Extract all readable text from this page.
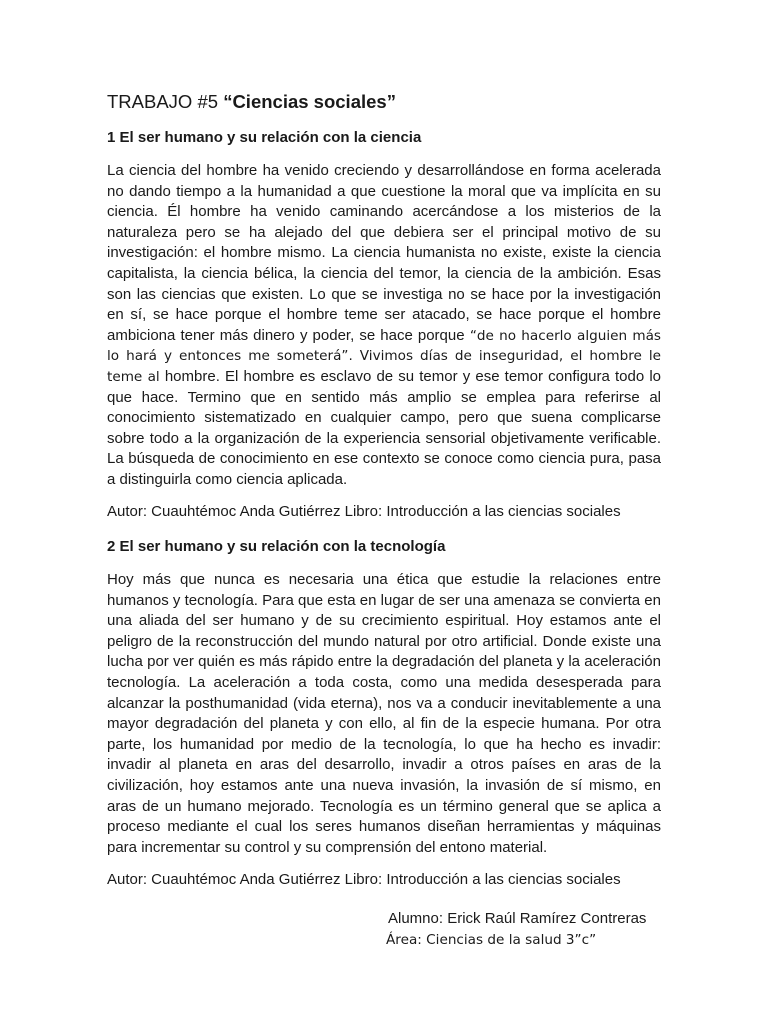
TRABAJO #5 “Ciencias sociales”
1 El ser humano y su relación con la ciencia

La ciencia del hombre ha venido creciendo y desarrollándose en forma acelerada no dando tiempo a la humanidad a que cuestione la moral que va implícita en su ciencia. Él hombre ha venido caminando acercándose a los misterios de la naturaleza pero se ha alejado del que debiera ser el principal motivo de su investigación: el hombre mismo. La ciencia humanista no existe, existe la ciencia capitalista, la ciencia bélica, la ciencia del temor, la ciencia de la ambición. Esas son las ciencias que existen. Lo que se investiga no se hace por la investigación en sí, se hace porque el hombre teme ser atacado, se hace porque el hombre ambiciona tener más dinero y poder, se hace porque “de no hacerlo alguien más lo hará y entonces me someterá”. Vivimos días de inseguridad, el hombre le teme al hombre. El hombre es esclavo de su temor y ese temor configura todo lo que hace. Termino que en sentido más amplio se emplea para referirse al conocimiento sistematizado en cualquier campo, pero que suena complicarse sobre todo a la organización de la experiencia sensorial objetivamente verificable. La búsqueda de conocimiento en ese contexto se conoce como ciencia pura, pasa a distinguirla como ciencia aplicada.

Autor: Cuauhtémoc Anda Gutiérrez Libro: Introducción a las ciencias sociales

2 El ser humano y su relación con la tecnología

Hoy más que nunca es necesaria una ética que estudie la relaciones entre humanos y tecnología. Para que esta en lugar de ser una amenaza se convierta en una aliada del ser humano y de su crecimiento espiritual. Hoy estamos ante el peligro de la reconstrucción del mundo natural por otro artificial. Donde existe una lucha por ver quién es más rápido entre la degradación del planeta y la aceleración tecnología. La aceleración a toda costa, como una medida desesperada para alcanzar la posthumanidad (vida eterna), nos va a conducir inevitablemente a una mayor degradación del planeta y con ello, al fin de la especie humana. Por otra parte, los humanidad por medio de la tecnología, lo que ha hecho es invadir: invadir al planeta en aras del desarrollo, invadir a otros países en aras de la civilización, hoy estamos ante una nueva invasión, la invasión de sí mismo, en aras de un humano mejorado. Tecnología es un término general que se aplica a proceso mediante el cual los seres humanos diseñan herramientas y máquinas para incrementar su control y su comprensión del entono material.

Autor: Cuauhtémoc Anda Gutiérrez Libro: Introducción a las ciencias sociales

Alumno: Erick Raúl Ramírez Contreras

Área: Ciencias de la salud 3”c”
